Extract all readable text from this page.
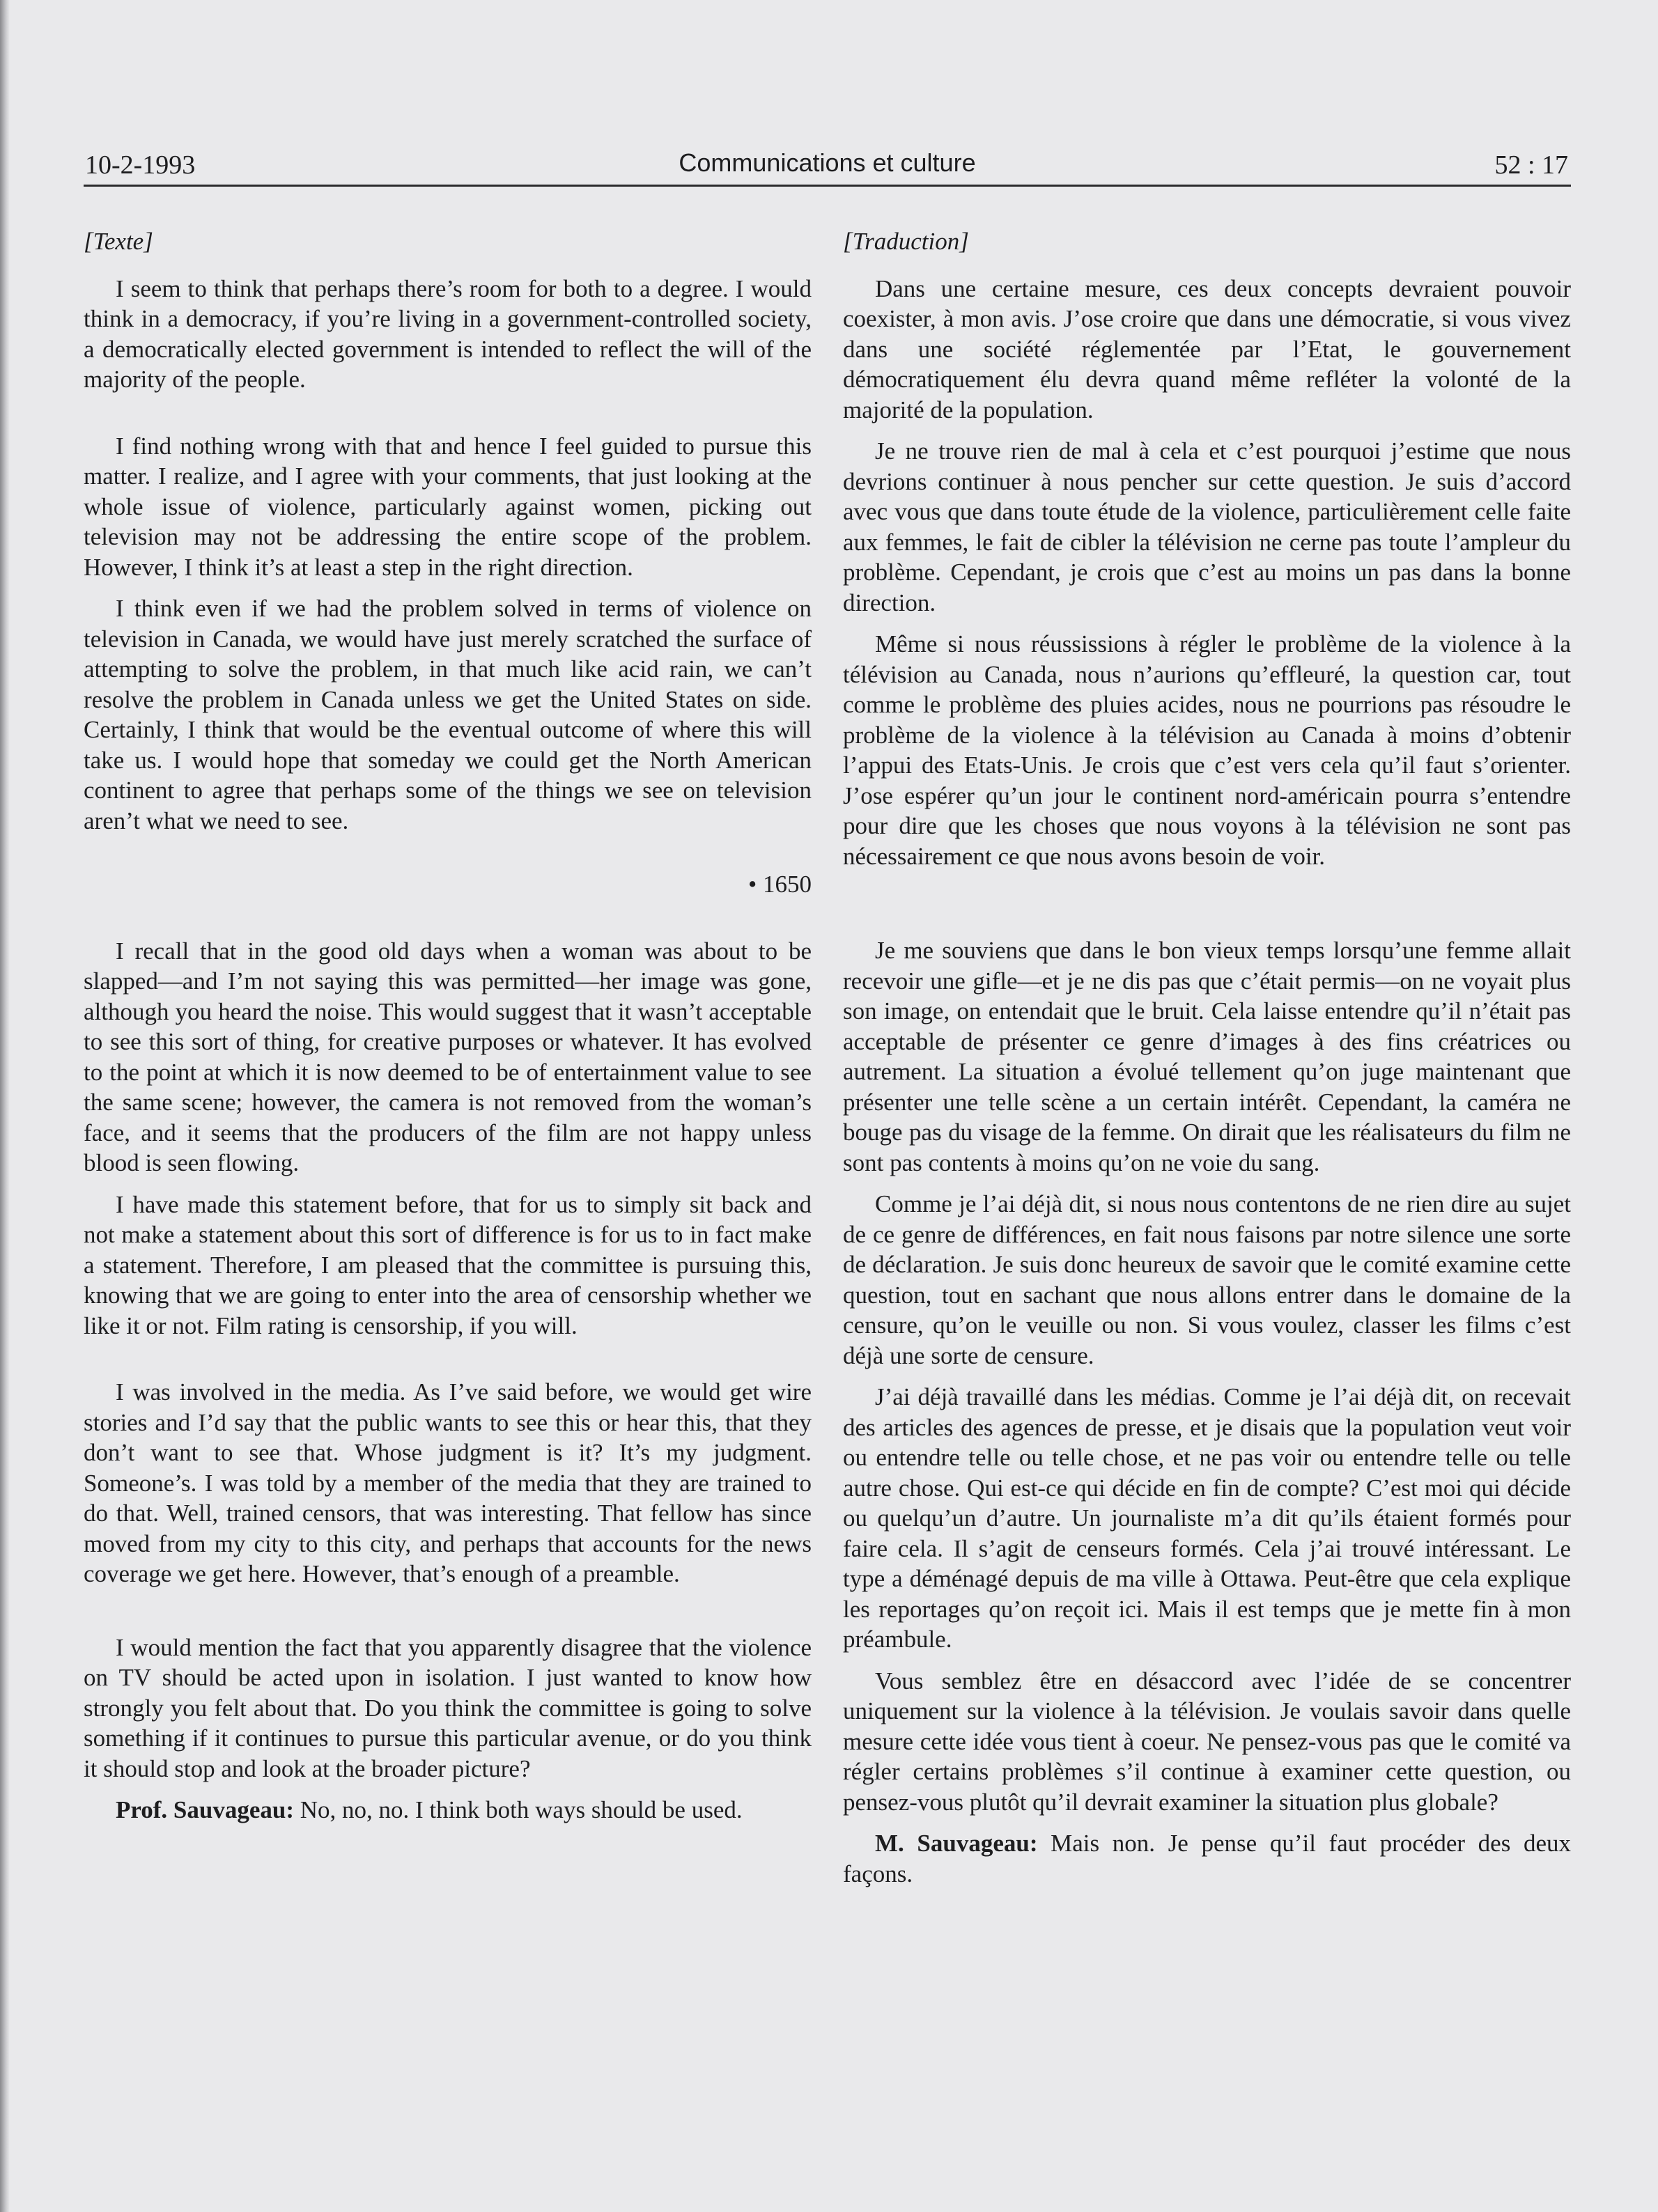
10-2-1993	Communications et culture	52 : 17
[Texte]

I seem to think that perhaps there’s room for both to a degree. I would think in a democracy, if you’re living in a government-controlled society, a democratically elected government is intended to reflect the will of the majority of the people.

I find nothing wrong with that and hence I feel guided to pursue this matter. I realize, and I agree with your comments, that just looking at the whole issue of violence, particularly against women, picking out television may not be addressing the entire scope of the problem. However, I think it’s at least a step in the right direction.

I think even if we had the problem solved in terms of violence on television in Canada, we would have just merely scratched the surface of attempting to solve the problem, in that much like acid rain, we can’t resolve the problem in Canada unless we get the United States on side. Certainly, I think that would be the eventual outcome of where this will take us. I would hope that someday we could get the North American continent to agree that perhaps some of the things we see on television aren’t what we need to see.

• 1650

I recall that in the good old days when a woman was about to be slapped—and I’m not saying this was permitted—her image was gone, although you heard the noise. This would suggest that it wasn’t acceptable to see this sort of thing, for creative purposes or whatever. It has evolved to the point at which it is now deemed to be of entertainment value to see the same scene; however, the camera is not removed from the woman’s face, and it seems that the producers of the film are not happy unless blood is seen flowing.

I have made this statement before, that for us to simply sit back and not make a statement about this sort of difference is for us to in fact make a statement. Therefore, I am pleased that the committee is pursuing this, knowing that we are going to enter into the area of censorship whether we like it or not. Film rating is censorship, if you will.

I was involved in the media. As I’ve said before, we would get wire stories and I’d say that the public wants to see this or hear this, that they don’t want to see that. Whose judgment is it? It’s my judgment. Someone’s. I was told by a member of the media that they are trained to do that. Well, trained censors, that was interesting. That fellow has since moved from my city to this city, and perhaps that accounts for the news coverage we get here. However, that’s enough of a preamble.

I would mention the fact that you apparently disagree that the violence on TV should be acted upon in isolation. I just wanted to know how strongly you felt about that. Do you think the committee is going to solve something if it continues to pursue this particular avenue, or do you think it should stop and look at the broader picture?

Prof. Sauvageau: No, no, no. I think both ways should be used.

[Traduction]

Dans une certaine mesure, ces deux concepts devraient pouvoir coexister, à mon avis. J’ose croire que dans une démocratie, si vous vivez dans une société réglementée par l’Etat, le gouvernement démocratiquement élu devra quand même refléter la volonté de la majorité de la population.

Je ne trouve rien de mal à cela et c’est pourquoi j’estime que nous devrions continuer à nous pencher sur cette question. Je suis d’accord avec vous que dans toute étude de la violence, particulièrement celle faite aux femmes, le fait de cibler la télévision ne cerne pas toute l’ampleur du problème. Cependant, je crois que c’est au moins un pas dans la bonne direction.

Même si nous réussissions à régler le problème de la violence à la télévision au Canada, nous n’aurions qu’effleuré, la question car, tout comme le problème des pluies acides, nous ne pourrions pas résoudre le problème de la violence à la télévision au Canada à moins d’obtenir l’appui des Etats-Unis. Je crois que c’est vers cela qu’il faut s’orienter. J’ose espérer qu’un jour le continent nord-américain pourra s’entendre pour dire que les choses que nous voyons à la télévision ne sont pas nécessairement ce que nous avons besoin de voir.

Je me souviens que dans le bon vieux temps lorsqu’une femme allait recevoir une gifle—et je ne dis pas que c’était permis—on ne voyait plus son image, on entendait que le bruit. Cela laisse entendre qu’il n’était pas acceptable de présenter ce genre d’images à des fins créatrices ou autrement. La situation a évolué tellement qu’on juge maintenant que présenter une telle scène a un certain intérêt. Cependant, la caméra ne bouge pas du visage de la femme. On dirait que les réalisateurs du film ne sont pas contents à moins qu’on ne voie du sang.

Comme je l’ai déjà dit, si nous nous contentons de ne rien dire au sujet de ce genre de différences, en fait nous faisons par notre silence une sorte de déclaration. Je suis donc heureux de savoir que le comité examine cette question, tout en sachant que nous allons entrer dans le domaine de la censure, qu’on le veuille ou non. Si vous voulez, classer les films c’est déjà une sorte de censure.

J’ai déjà travaillé dans les médias. Comme je l’ai déjà dit, on recevait des articles des agences de presse, et je disais que la population veut voir ou entendre telle ou telle chose, et ne pas voir ou entendre telle ou telle autre chose. Qui est-ce qui décide en fin de compte? C’est moi qui décide ou quelqu’un d’autre. Un journaliste m’a dit qu’ils étaient formés pour faire cela. Il s’agit de censeurs formés. Cela j’ai trouvé intéressant. Le type a déménagé depuis de ma ville à Ottawa. Peut-être que cela explique les reportages qu’on reçoit ici. Mais il est temps que je mette fin à mon préambule.

Vous semblez être en désaccord avec l’idée de se concentrer uniquement sur la violence à la télévision. Je voulais savoir dans quelle mesure cette idée vous tient à coeur. Ne pensez-vous pas que le comité va régler certains problèmes s’il continue à examiner cette question, ou pensez-vous plutôt qu’il devrait examiner la situation plus globale?

M. Sauvageau: Mais non. Je pense qu’il faut procéder des deux façons.
